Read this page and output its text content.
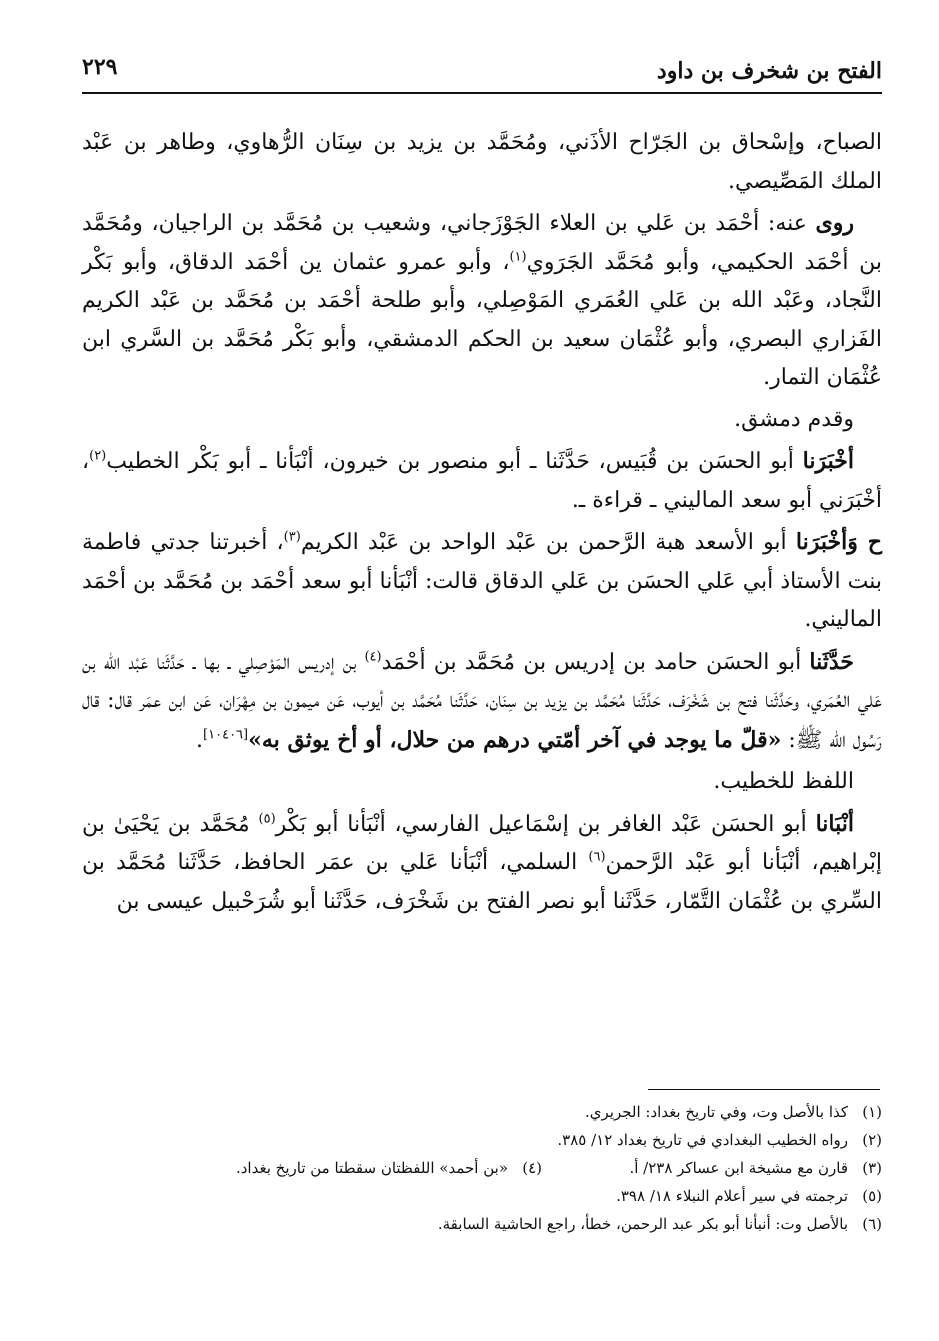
الفتح بن شخرف بن داود
٢٢٩

الصباح، وإسْحاق بن الجَرّاح الأذَني، ومُحَمَّد بن يزيد بن سِنَان الرُّهاوي، وطاهر بن عَبْد الملك المَصِّيصي.

روى عنه: أحْمَد بن عَلي بن العلاء الجَوْزَجاني، وشعيب بن مُحَمَّد بن الراجيان، ومُحَمَّد بن أحْمَد الحكيمي، وأبو مُحَمَّد الجَرَوي$^{(١)}$، وأبو عمرو عثمان ين أحْمَد الدقاق، وأبو بَكْر النَّجاد، وعَبْد الله بن عَلي العُمَري المَوْصِلي، وأبو طلحة أحْمَد بن مُحَمَّد بن عَبْد الكريم الفَزاري البصري، وأبو عُثْمَان سعيد بن الحكم الدمشقي، وأبو بَكْر مُحَمَّد بن السَّري ابن عُثْمَان التمار.

وقدم دمشق.

أخْبَرَنا أبو الحسَن بن قُبَيس، حَدَّثَنا ـ أبو منصور بن خيرون، أنْبَأنا ـ أبو بَكْر الخطيب$^{(٢)}$، أخْبَرَني أبو سعد الماليني ـ قراءة ـ.

ح وَأخْبَرَنا أبو الأسعد هبة الرَّحمن بن عَبْد الواحد بن عَبْد الكريم$^{(٣)}$، أخبرتنا جدتي فاطمة بنت الأستاذ أبي عَلي الحسَن بن عَلي الدقاق قالت: أنْبَأنا أبو سعد أحْمَد بن مُحَمَّد بن أحْمَد الماليني.

حَدَّثَنا أبو الحسَن حامد بن إدريس بن مُحَمَّد بن أحْمَد$^{(٤)}$ بن إدريس المَوْصِلي ـ بها ـ حَدَّثَنا عَبْد الله بن عَلي العُمَري، وحَدَّثَنا فتح بن شَخْرَف، حَدَّثَنا مُحَمَّد بن يزيد بن سِنَان، حَدَّثَنا مُحَمَّد بن أيوب، عَن ميمون بن مِهْرَان، عَن ابن عمَر قال: قال رَسُول الله ﷺ: «قلّ ما يوجد في آخر أمّتي درهم من حلال، أو أخ يوثق به»[١٠٤٠٦].

اللفظ للخطيب.

أنْبَانا أبو الحسَن عَبْد الغافر بن إسْمَاعيل الفارسي، أنْبَأنا أبو بَكْر$^{(٥)}$ مُحَمَّد بن يَحْيَىٰ بن إبْراهيم، أنْبَأنا أبو عَبْد الرَّحمن$^{(٦)}$ السلمي، أنْبَأنا عَلي بن عمَر الحافظ، حَدَّثَنا مُحَمَّد بن السِّري بن عُثْمَان التَّمّار، حَدَّثَنا أبو نصر الفتح بن شَخْرَف، حَدَّثَنا أبو شُرَحْبيل عيسى بن

(١)
كذا بالأصل وت، وفي تاريخ بغداد: الجريري.
(٢)
رواه الخطيب البغدادي في تاريخ بغداد ١٢/ ٣٨٥.
(٣)
قارن مع مشيخة ابن عساكر ٢٣٨/ أ.
(٤)
«بن أحمد» اللفظتان سقطتا من تاريخ بغداد.
(٥)
ترجمته في سير أعلام النبلاء ١٨/ ٣٩٨.
(٦)
بالأصل وت: أنبأنا أبو بكر عبد الرحمن، خطأ، راجع الحاشية السابقة.
